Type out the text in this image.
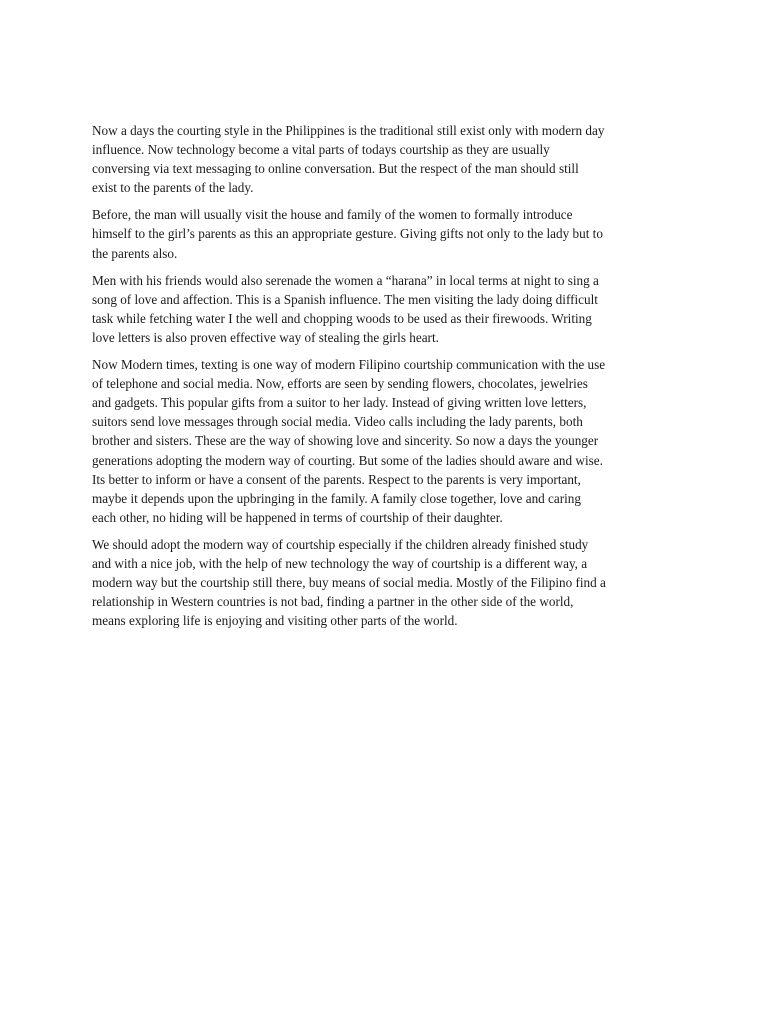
Now a days the courting style in the Philippines is the traditional still exist only with modern day
influence. Now technology become a vital parts of todays courtship as they are usually
conversing via text messaging to online conversation. But the respect of the man should still
exist to the parents of the lady.

Before, the man will usually visit the house and family of the women to formally introduce
himself to the girl’s parents as this an appropriate gesture. Giving gifts not only to the lady but to
the parents also.

Men with his friends would also serenade the women a “harana” in local terms at night to sing a
song of love and affection. This is a Spanish influence. The men visiting the lady doing difficult
task while fetching water I the well and chopping woods to be used as their firewoods. Writing
love letters is also proven effective way of stealing the girls heart.

Now Modern times, texting is one way of modern Filipino courtship communication with the use
of telephone and social media. Now, efforts are seen by sending flowers, chocolates, jewelries
and gadgets. This popular gifts from a suitor to her lady. Instead of giving written love letters,
suitors send love messages through social media. Video calls including the lady parents, both
brother and sisters. These are the way of showing love and sincerity. So now a days the younger
generations adopting the modern way of courting. But some of the ladies should aware and wise.
Its better to inform or have a consent of the parents. Respect to the parents is very important,
maybe it depends upon the upbringing in the family. A family close together, love and caring
each other, no hiding will be happened in terms of courtship of their daughter.

We should adopt the modern way of courtship especially if the children already finished study
and with a nice job, with the help of new technology the way of courtship is a different way, a
modern way but the courtship still there, buy means of social media. Mostly of the Filipino find a
relationship in Western countries is not bad, finding a partner in the other side of the world,
means exploring life is enjoying and visiting other parts of the world.
